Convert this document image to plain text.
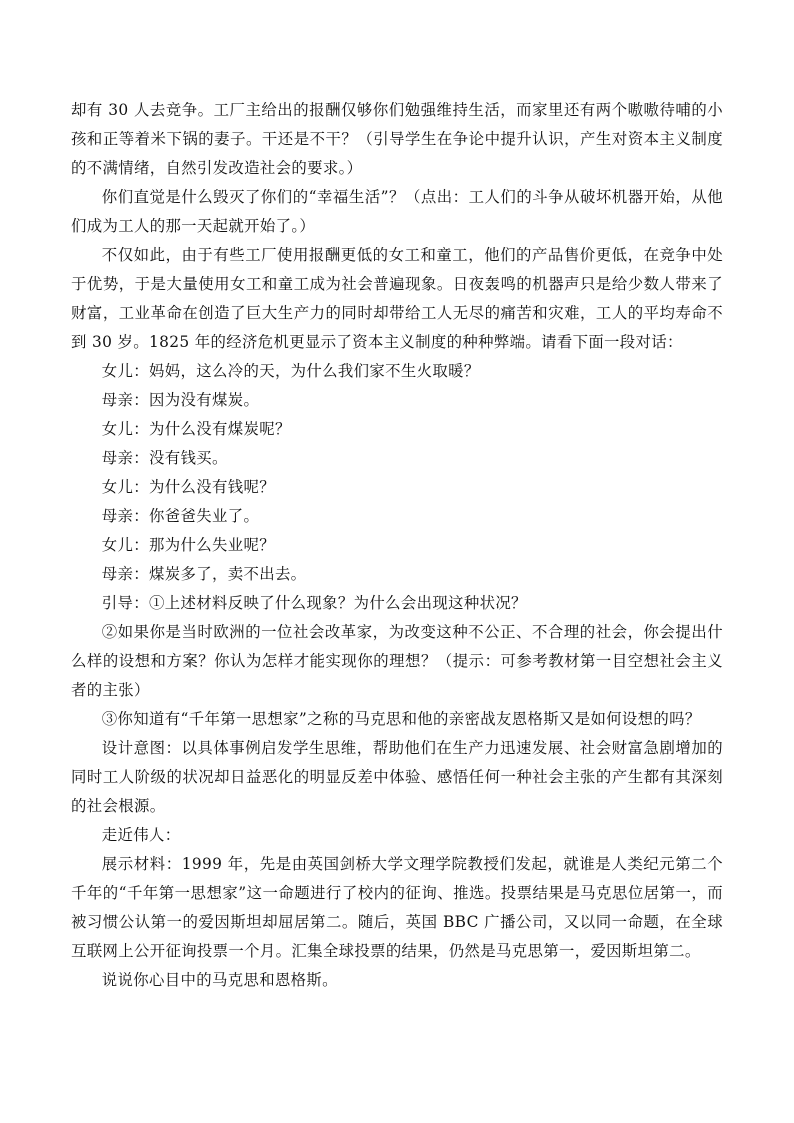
却有 30 人去竞争。工厂主给出的报酬仅够你们勉强维持生活，而家里还有两个嗷嗷待哺的小孩和正等着米下锅的妻子。干还是不干？（引导学生在争论中提升认识，产生对资本主义制度的不满情绪，自然引发改造社会的要求。）

你们直觉是什么毁灭了你们的“幸福生活”？（点出：工人们的斗争从破坏机器开始，从他们成为工人的那一天起就开始了。）

不仅如此，由于有些工厂使用报酬更低的女工和童工，他们的产品售价更低，在竞争中处于优势，于是大量使用女工和童工成为社会普遍现象。日夜轰鸣的机器声只是给少数人带来了财富，工业革命在创造了巨大生产力的同时却带给工人无尽的痛苦和灾难，工人的平均寿命不到 30 岁。1825 年的经济危机更显示了资本主义制度的种种弊端。请看下面一段对话：

女儿：妈妈，这么冷的天，为什么我们家不生火取暖？

母亲：因为没有煤炭。

女儿：为什么没有煤炭呢？

母亲：没有钱买。

女儿：为什么没有钱呢？

母亲：你爸爸失业了。

女儿：那为什么失业呢？

母亲：煤炭多了，卖不出去。

引导：①上述材料反映了什么现象？为什么会出现这种状况？

②如果你是当时欧洲的一位社会改革家，为改变这种不公正、不合理的社会，你会提出什么样的设想和方案？你认为怎样才能实现你的理想？（提示：可参考教材第一目空想社会主义者的主张）

③你知道有“千年第一思想家”之称的马克思和他的亲密战友恩格斯又是如何设想的吗？

设计意图：以具体事例启发学生思维，帮助他们在生产力迅速发展、社会财富急剧增加的同时工人阶级的状况却日益恶化的明显反差中体验、感悟任何一种社会主张的产生都有其深刻的社会根源。

走近伟人：

展示材料：1999 年，先是由英国剑桥大学文理学院教授们发起，就谁是人类纪元第二个千年的“千年第一思想家”这一命题进行了校内的征询、推选。投票结果是马克思位居第一，而被习惯公认第一的爱因斯坦却屈居第二。随后，英国 BBC 广播公司，又以同一命题，在全球互联网上公开征询投票一个月。汇集全球投票的结果，仍然是马克思第一，爱因斯坦第二。

说说你心目中的马克思和恩格斯。
